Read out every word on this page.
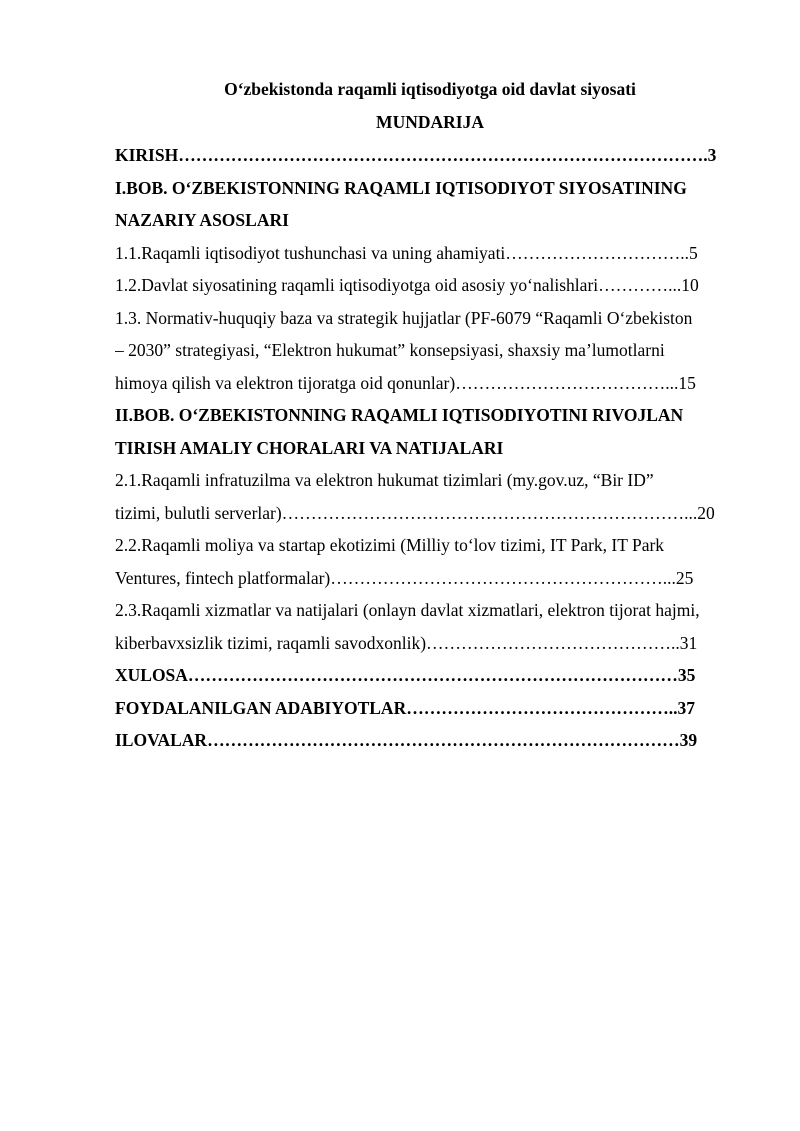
O‘zbekistonda raqamli iqtisodiyotga oid davlat siyosati

MUNDARIJA

KIRISH……………………………………………………………………………….3

I.BOB. O‘ZBEKISTONNING RAQAMLI IQTISODIYOT SIYOSATINING

NAZARIY ASOSLARI

1.1.Raqamli iqtisodiyot tushunchasi va uning ahamiyati…………………………..5

1.2.Davlat siyosatining raqamli iqtisodiyotga oid asosiy yo‘nalishlari…………...10

1.3. Normativ-huquqiy baza va strategik hujjatlar (PF-6079 “Raqamli O‘zbekiston

– 2030” strategiyasi, “Elektron hukumat” konsepsiyasi, shaxsiy ma’lumotlarni

himoya qilish va elektron tijoratga oid qonunlar)………………………………...15

II.BOB. O‘ZBEKISTONNING RAQAMLI IQTISODIYOTINI RIVOJLAN

TIRISH AMALIY CHORALARI VA NATIJALARI

2.1.Raqamli infratuzilma va elektron hukumat tizimlari (my.gov.uz, “Bir ID”

tizimi, bulutli serverlar)……………………………………………………………...20

2.2.Raqamli moliya va startap ekotizimi (Milliy to‘lov tizimi, IT Park, IT Park

Ventures, fintech platformalar)…………………………………………………...25

2.3.Raqamli xizmatlar va natijalari (onlayn davlat xizmatlari, elektron tijorat hajmi,

kiberbavxsizlik tizimi, raqamli savodxonlik)……………………………………..31

XULOSA…………………………………………………………………………35

FOYDALANILGAN ADABIYOTLAR………………………………………..37

ILOVALAR………………………………………………………………………39
